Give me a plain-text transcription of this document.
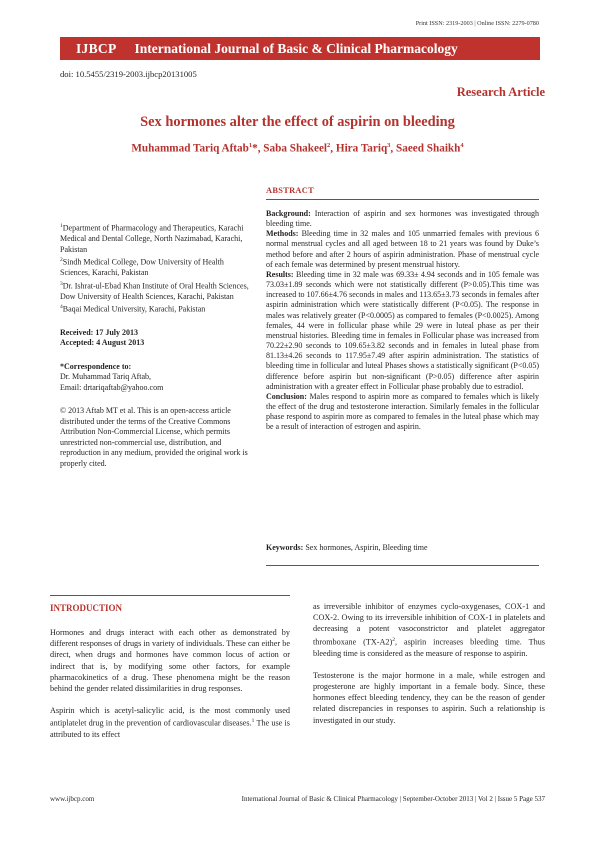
Print ISSN: 2319-2003 | Online ISSN: 2279-0780
IJBCP International Journal of Basic & Clinical Pharmacology
doi: 10.5455/2319-2003.ijbcp20131005
Research Article
Sex hormones alter the effect of aspirin on bleeding
Muhammad Tariq Aftab$^1$*, Saba Shakeel$^2$, Hira Tariq$^3$, Saeed Shaikh$^4$
ABSTRACT

Background: Interaction of aspirin and sex hormones was investigated through bleeding time.

Methods: Bleeding time in 32 males and 105 unmarried females with previous 6 normal menstrual cycles and all aged between 18 to 21 years was found by Duke’s method before and after 2 hours of aspirin administration. Phase of menstrual cycle of each female was determined by present menstrual history.

Results: Bleeding time in 32 male was 69.33± 4.94 seconds and in 105 female was 73.03±1.89 seconds which were not statistically different (P>0.05).This time was increased to 107.66±4.76 seconds in males and 113.65±3.73 seconds in females after aspirin administration which were statistically different (P<0.05). The response in males was relatively greater (P<0.0005) as compared to females (P<0.0025). Among females, 44 were in follicular phase while 29 were in luteal phase as per their menstrual histories. Bleeding time in females in Follicular phase was increased from 70.22±2.90 seconds to 109.65±3.82 seconds and in females in luteal phase from 81.13±4.26 seconds to 117.95±7.49 after aspirin administration. The statistics of bleeding time in follicular and luteal Phases shows a statistically significant (P<0.05) difference before aspirin but non-significant (P>0.05) difference after aspirin administration with a greater effect in Follicular phase probably due to estradiol.

Conclusion: Males respond to aspirin more as compared to females which is likely the effect of the drug and testosterone interaction. Similarly females in the follicular phase respond to aspirin more as compared to females in the luteal phase which may be a result of interaction of estrogen and aspirin.

Keywords: Sex hormones, Aspirin, Bleeding time

$^1$Department of Pharmacology and Therapeutics, Karachi Medical and Dental College, North Nazimabad, Karachi, Pakistan

$^2$Sindh Medical College, Dow University of Health Sciences, Karachi, Pakistan

$^3$Dr. Ishrat-ul-Ebad Khan Institute of Oral Health Sciences, Dow University of Health Sciences, Karachi, Pakistan

$^4$Baqai Medical University, Karachi, Pakistan

Received: 17 July 2013
Accepted: 4 August 2013
*Correspondence to:
Dr. Muhammad Tariq Aftab,
Email: drtariqaftab@yahoo.com
© 2013 Aftab MT et al. This is an open-access article distributed under the terms of the Creative Commons Attribution Non-Commercial License, which permits unrestricted non-commercial use, distribution, and reproduction in any medium, provided the original work is properly cited.
INTRODUCTION

Hormones and drugs interact with each other as demonstrated by different responses of drugs in variety of individuals. These can either be direct, when drugs and hormones have common locus of action or indirect that is, by modifying some other factors, for example pharmacokinetics of a drug. These phenomena might be the reason behind the gender related dissimilarities in drug responses.

Aspirin which is acetyl-salicylic acid, is the most commonly used antiplatelet drug in the prevention of cardiovascular diseases.$^1$ The use is attributed to its effect

as irreversible inhibitor of enzymes cyclo-oxygenases, COX-1 and COX-2. Owing to its irreversible inhibition of COX-1 in platelets and decreasing a potent vasoconstrictor and platelet aggregator thromboxane $(TX-A2)^2$, aspirin increases bleeding time. Thus bleeding time is considered as the measure of response to aspirin.

Testosterone is the major hormone in a male, while estrogen and progesterone are highly important in a female body. Since, these hormones effect bleeding tendency, they can be the reason of gender related discrepancies in responses to aspirin. Such a relationship is investigated in our study.

www.ijbcp.com	International Journal of Basic & Clinical Pharmacology | September-October 2013 | Vol 2 | Issue 5 Page 537
